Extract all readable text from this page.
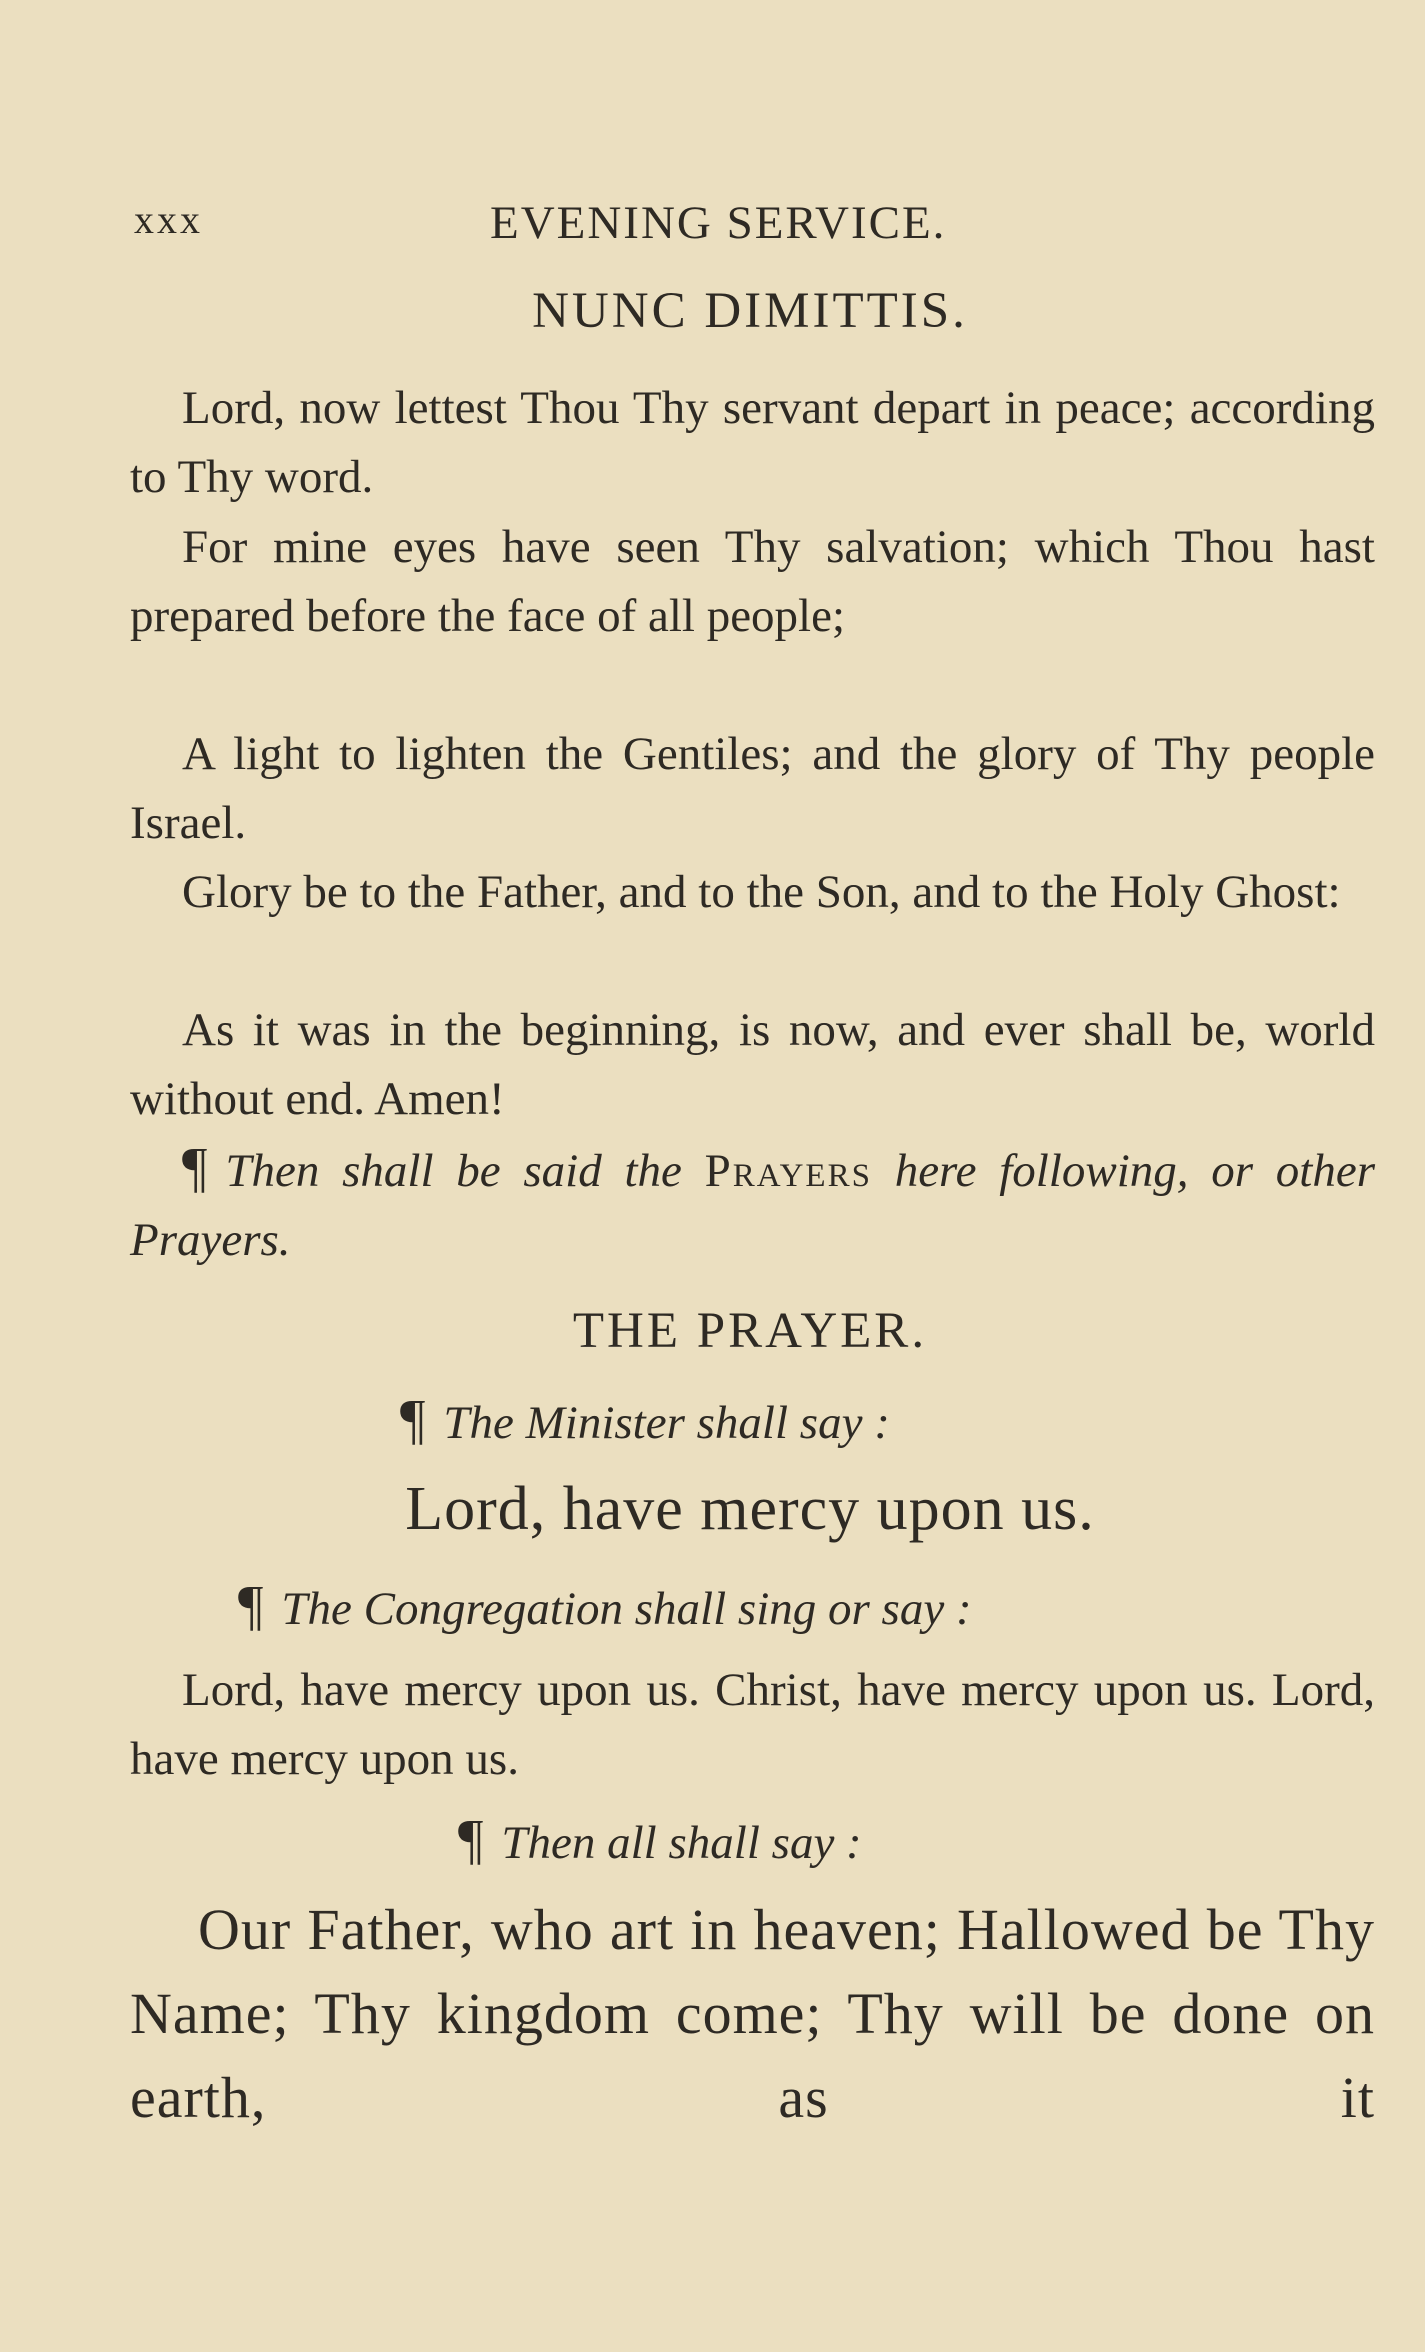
xxx	EVENING SERVICE.
NUNC DIMITTIS.

Lord, now lettest Thou Thy servant depart in peace; according to Thy word.

For mine eyes have seen Thy salvation; which Thou hast prepared before the face of all people;

A light to lighten the Gentiles; and the glory of Thy people Israel.

Glory be to the Father, and to the Son, and to the Holy Ghost:

As it was in the beginning, is now, and ever shall be, world without end. Amen!

¶ Then shall be said the Prayers here following, or other Prayers.

THE PRAYER.

¶ The Minister shall say :

Lord, have mercy upon us.

¶ The Congregation shall sing or say :

Lord, have mercy upon us. Christ, have mercy upon us. Lord, have mercy upon us.

¶ Then all shall say :

Our Father, who art in heaven; Hallowed be Thy Name; Thy kingdom come; Thy will be done on earth, as it
